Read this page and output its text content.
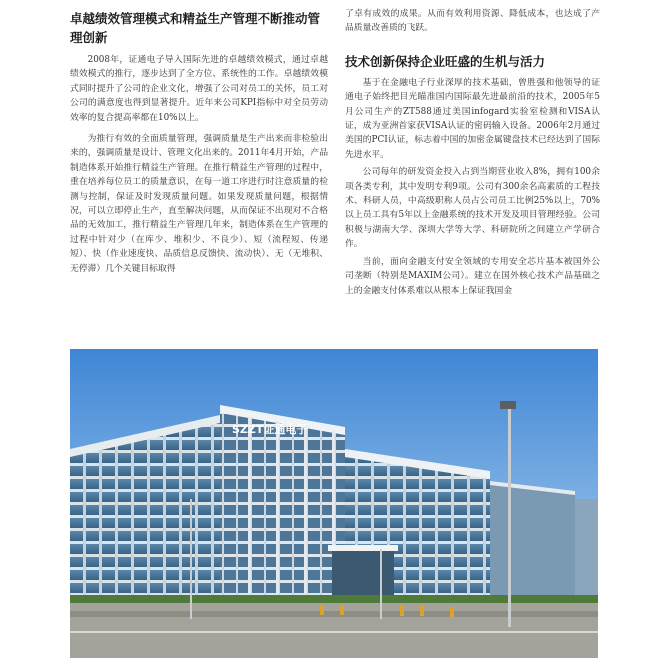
卓越绩效管理模式和精益生产管理不断推动管理创新

2008年，证通电子导入国际先进的卓越绩效模式，通过卓越绩效模式的推行，逐步达到了全方位、系统性的工作。卓越绩效模式同时提升了公司的企业文化，增强了公司对员工的关怀，员工对公司的满意度也得到显著提升。近年来公司KPI指标中对全员劳动效率的复合提高率都在10%以上。

为推行有效的全面质量管理，强调质量是生产出来而非检验出来的，强调质量是设计、管理文化出来的。2011年4月开始，产品制造体系开始推行精益生产管理。在推行精益生产管理的过程中，重在培养每位员工的质量意识，在每一道工序进行时注意质量的检测与控制，保证及时发现质量问题。如果发现质量问题，根据情况，可以立即停止生产，直至解决问题，从而保证不出现对不合格品的无效加工，推行精益生产管理几年来，制造体系在生产管理的过程中针对少（在库少、堆积少、不良少）、短（流程短、传递短）、快（作业速度快、品质信息反馈快、流动快）、无（无堆积、无停滞）几个关键目标取得

了卓有成效的成果。从而有效利用资源、降低成本，也达成了产品质量改善质的飞跃。

技术创新保持企业旺盛的生机与活力

基于在金融电子行业深厚的技术基础，曾胜强和他领导的证通电子始终把目光瞄准国内国际最先进最前沿的技术，2005年5月公司生产的ZT588通过美国infogard实验室检测和VISA认证，成为亚洲首家获VISA认证的密码输入设备。2006年2月通过美国的PCI认证，标志着中国的加密金属键盘技术已经达到了国际先进水平。

公司每年的研发资金投入占到当期营业收入8%，拥有100余项各类专利，其中发明专利9项。公司有300余名高素质的工程技术、科研人员，中高级职称人员占公司员工比例25%以上，70%以上员工具有5年以上金融系统的技术开发及项目管理经验。公司积极与湖南大学、深圳大学等大学、科研院所之间建立产学研合作。

当前，面向金融支付安全领域的专用安全芯片基本被国外公司垄断（特别是MAXIM公司）。建立在国外核心技术产品基础之上的金融支付体系难以从根本上保证我国金

SZZT证通电子
